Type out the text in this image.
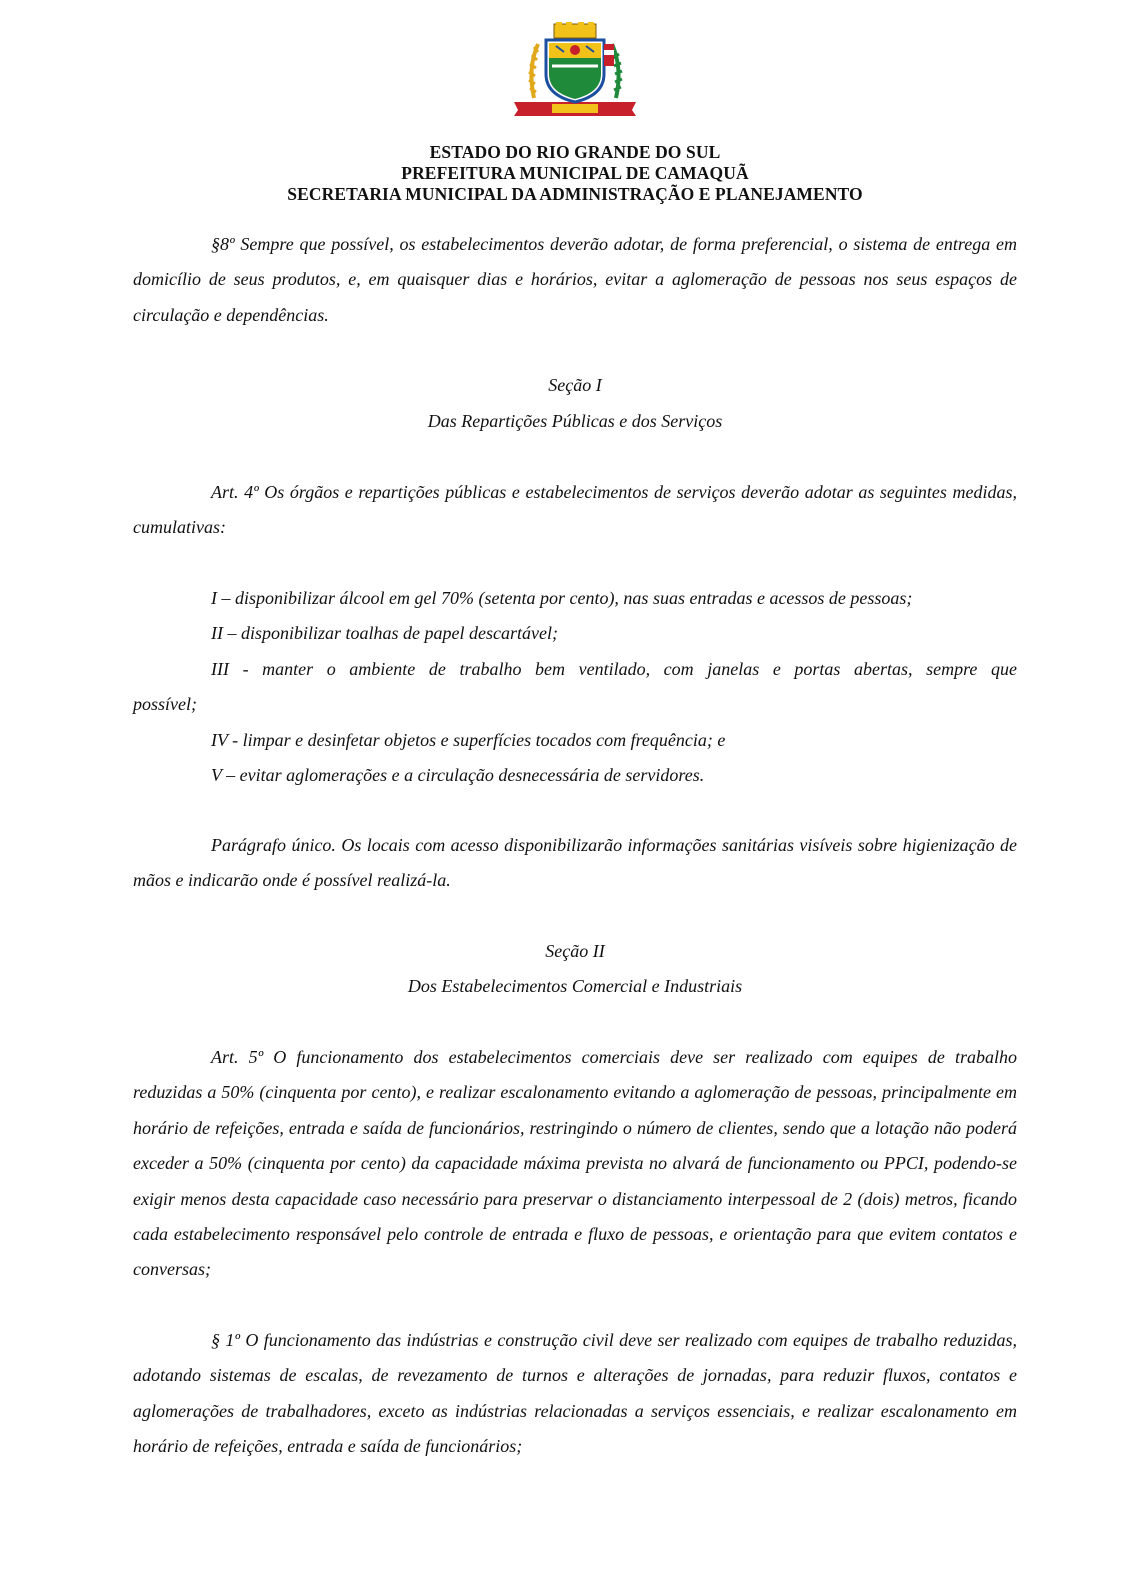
ESTADO DO RIO GRANDE DO SUL
PREFEITURA MUNICIPAL DE CAMAQUÃ
SECRETARIA MUNICIPAL DA ADMINISTRAÇÃO E PLANEJAMENTO

§8º Sempre que possível, os estabelecimentos deverão adotar, de forma preferencial, o sistema de entrega em domicílio de seus produtos, e, em quaisquer dias e horários, evitar a aglomeração de pessoas nos seus espaços de circulação e dependências.

Seção I

Das Repartições Públicas e dos Serviços

Art. 4º Os órgãos e repartições públicas e estabelecimentos de serviços deverão adotar as seguintes medidas, cumulativas:

I – disponibilizar álcool em gel 70% (setenta por cento), nas suas entradas e acessos de pessoas;
II – disponibilizar toalhas de papel descartável;
III - manter o ambiente de trabalho bem ventilado, com janelas e portas abertas, sempre que
possível;
IV - limpar e desinfetar objetos e superfícies tocados com frequência; e
V – evitar aglomerações e a circulação desnecessária de servidores.

Parágrafo único. Os locais com acesso disponibilizarão informações sanitárias visíveis sobre higienização de mãos e indicarão onde é possível realizá-la.

Seção II

Dos Estabelecimentos Comercial e Industriais

Art. 5º O funcionamento dos estabelecimentos comerciais deve ser realizado com equipes de trabalho reduzidas a 50% (cinquenta por cento), e realizar escalonamento evitando a aglomeração de pessoas, principalmente em horário de refeições, entrada e saída de funcionários, restringindo o número de clientes, sendo que a lotação não poderá exceder a 50% (cinquenta por cento) da capacidade máxima prevista no alvará de funcionamento ou PPCI, podendo-se exigir menos desta capacidade caso necessário para preservar o distanciamento interpessoal de 2 (dois) metros, ficando cada estabelecimento responsável pelo controle de entrada e fluxo de pessoas, e orientação para que evitem contatos e conversas;

§ 1º O funcionamento das indústrias e construção civil deve ser realizado com equipes de trabalho reduzidas, adotando sistemas de escalas, de revezamento de turnos e alterações de jornadas, para reduzir fluxos, contatos e aglomerações de trabalhadores, exceto as indústrias relacionadas a serviços essenciais, e realizar escalonamento em horário de refeições, entrada e saída de funcionários;
